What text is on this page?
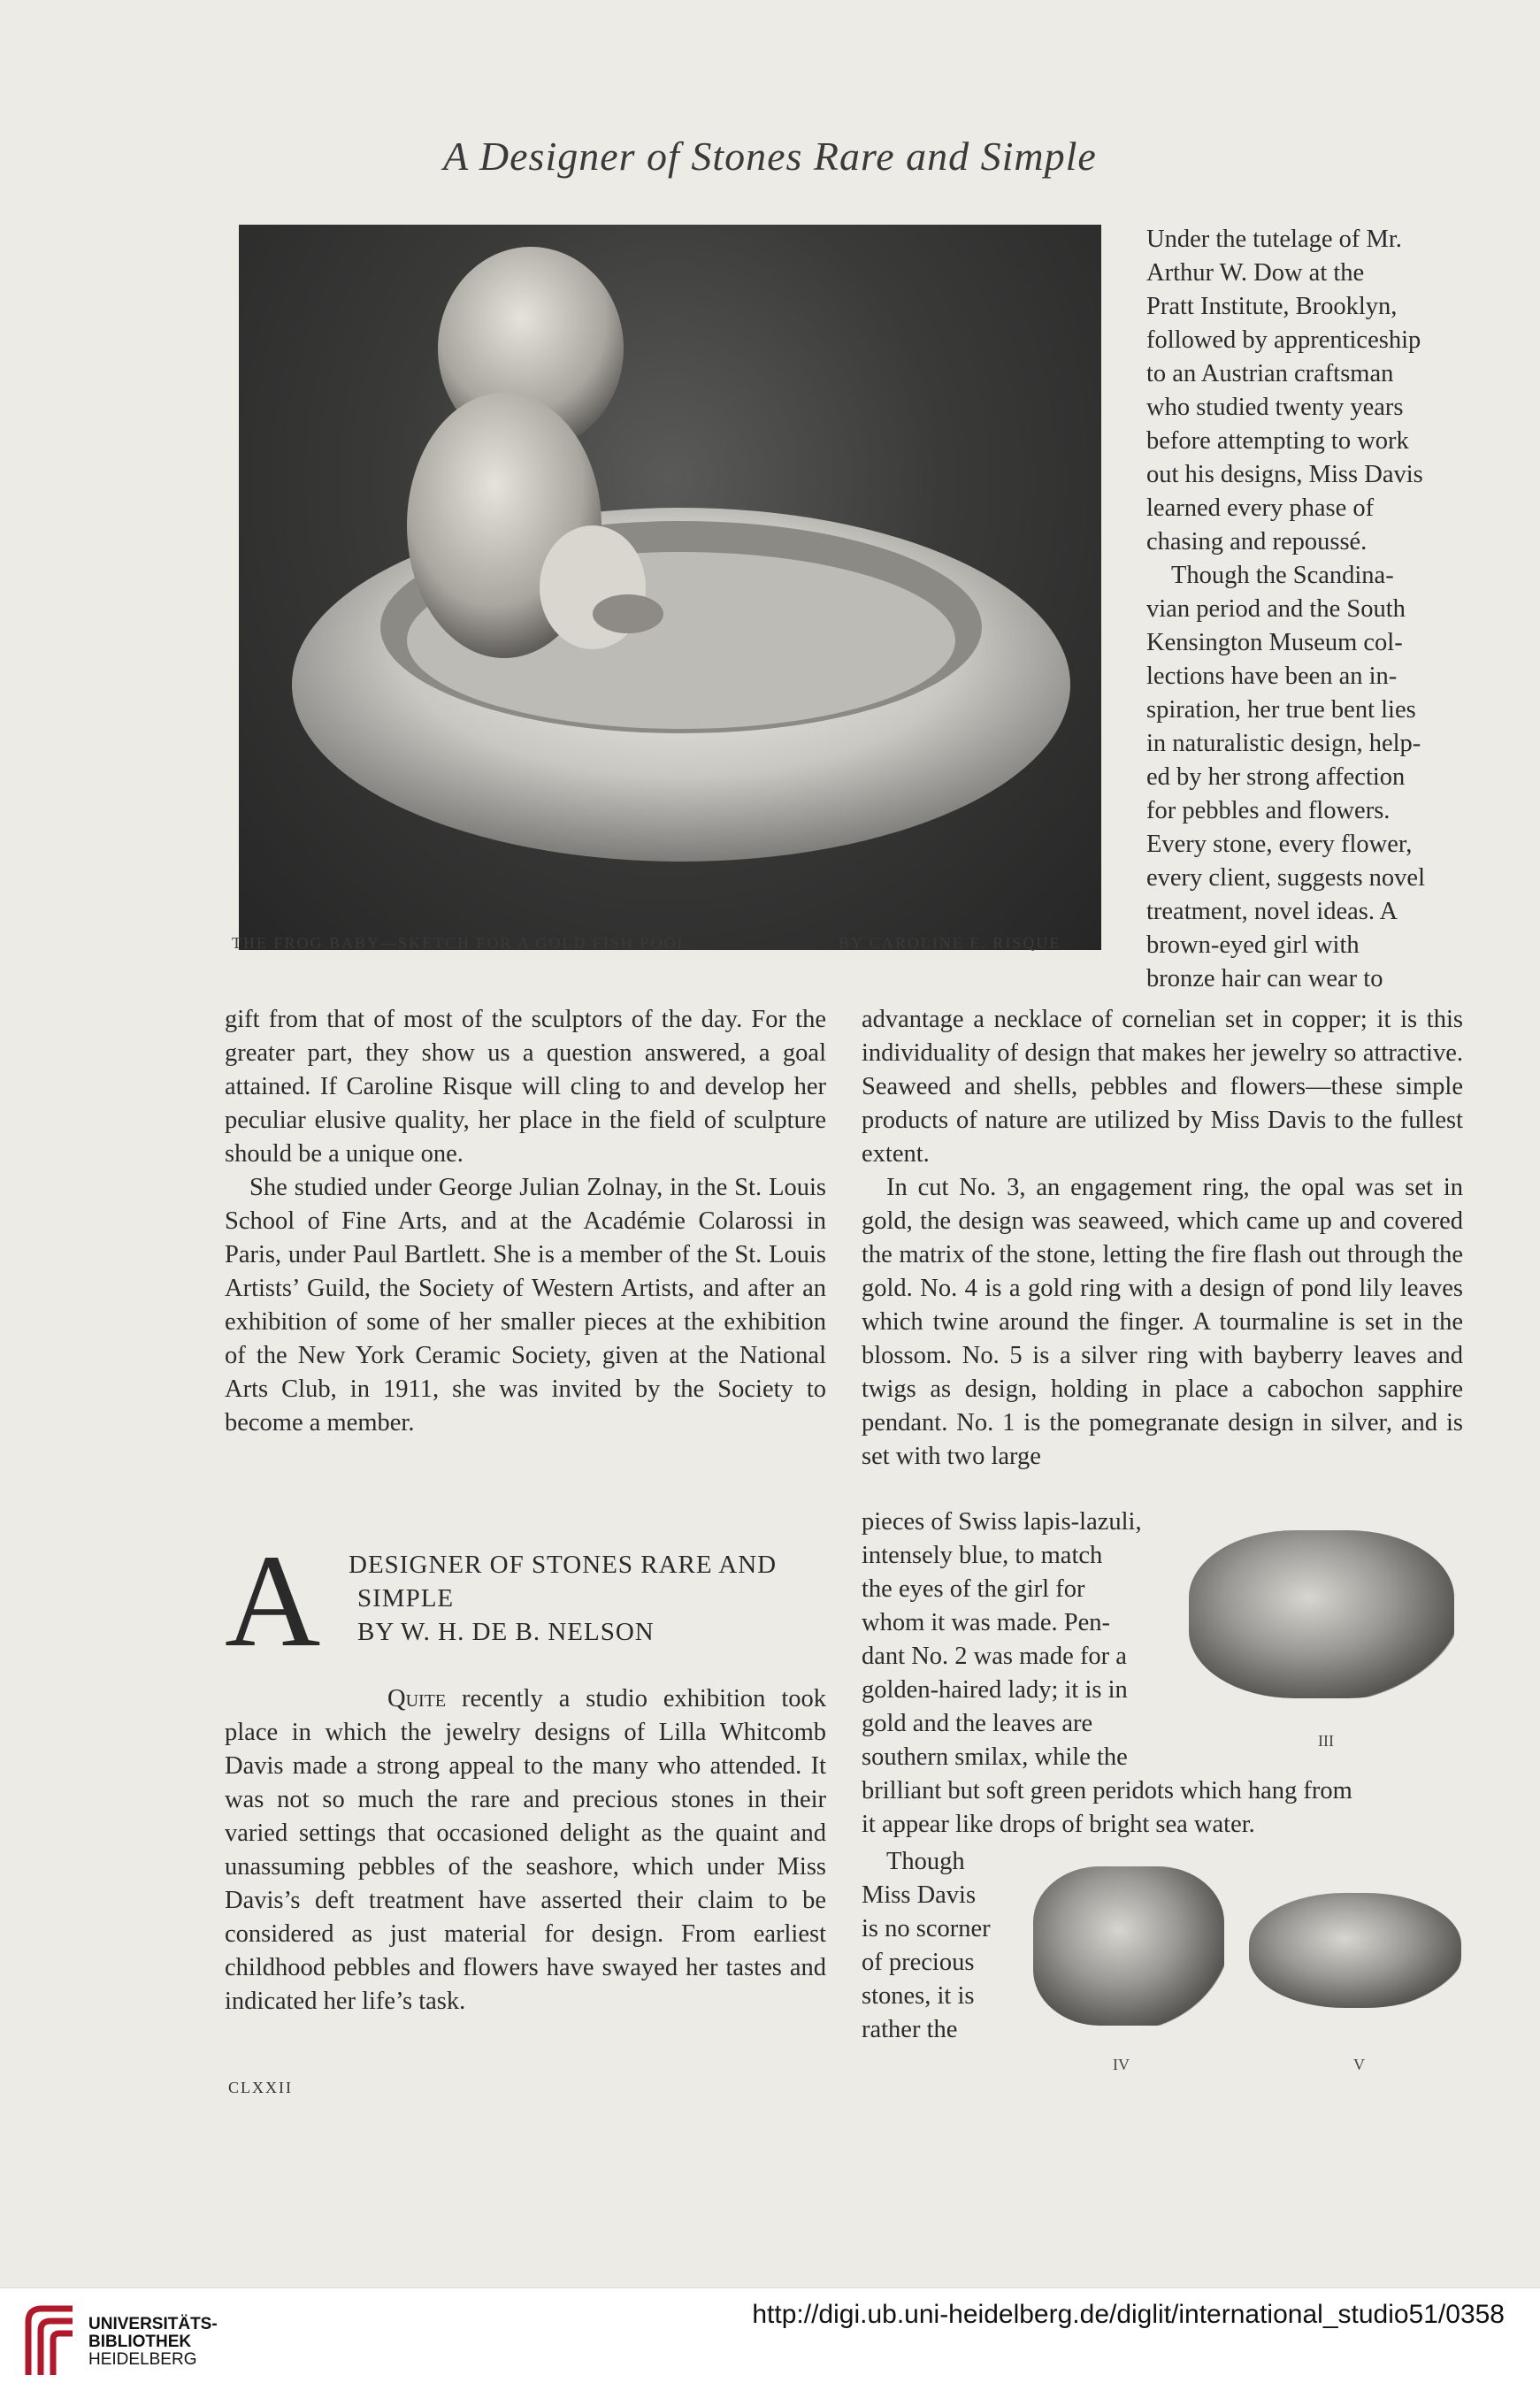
A Designer of Stones Rare and Simple
THE FROG BABY—SKETCH FOR A GOLD FISH POOL	BY CAROLINE E. RISQUE
Under the tutelage of Mr.
Arthur W. Dow at the
Pratt Institute, Brooklyn,
followed by apprenticeship
to an Austrian craftsman
who studied twenty years
before attempting to work
out his designs, Miss Davis
learned every phase of
chasing and repoussé.
Though the Scandina-
vian period and the South
Kensington Museum col-
lections have been an in-
spiration, her true bent lies
in naturalistic design, help-
ed by her strong affection
for pebbles and flowers.
Every stone, every flower,
every client, suggests novel
treatment, novel ideas. A
brown-eyed girl with
bronze hair can wear to

gift from that of most of the sculptors of the day. For the greater part, they show us a question answered, a goal attained. If Caroline Risque will cling to and develop her peculiar elusive quality, her place in the field of sculpture should be a unique one.

She studied under George Julian Zolnay, in the St. Louis School of Fine Arts, and at the Académie Colarossi in Paris, under Paul Bartlett. She is a member of the St. Louis Artists’ Guild, the Society of Western Artists, and after an exhibition of some of her smaller pieces at the exhibition of the New York Ceramic Society, given at the National Arts Club, in 1911, she was invited by the Society to become a member.

A DESIGNER OF STONES RARE AND
SIMPLE
BY W. H. DE B. NELSON

Quite recently a studio exhibition took place in which the jewelry designs of Lilla Whitcomb Davis made a strong appeal to the many who attended. It was not so much the rare and precious stones in their varied settings that occasioned delight as the quaint and unassuming pebbles of the seashore, which under Miss Davis’s deft treatment have asserted their claim to be considered as just material for design. From earliest childhood pebbles and flowers have swayed her tastes and indicated her life’s task.

advantage a necklace of cornelian set in copper; it is this individuality of design that makes her jewelry so attractive. Seaweed and shells, pebbles and flowers—these simple products of nature are utilized by Miss Davis to the fullest extent.

In cut No. 3, an engagement ring, the opal was set in gold, the design was seaweed, which came up and covered the matrix of the stone, letting the fire flash out through the gold. No. 4 is a gold ring with a design of pond lily leaves which twine around the finger. A tourmaline is set in the blossom. No. 5 is a silver ring with bayberry leaves and twigs as design, holding in place a cabochon sapphire pendant. No. 1 is the pomegranate design in silver, and is set with two large

pieces of Swiss lapis-lazuli,
intensely blue, to match
the eyes of the girl for
whom it was made. Pen-
dant No. 2 was made for a
golden-haired lady; it is in
gold and the leaves are
southern smilax, while the
III
brilliant but soft green peridots which hang from
it appear like drops of bright sea water.
Though
Miss Davis
is no scorner
of precious
stones, it is
rather the
IV	V
CLXXII
UNIVERSITÄTS-
BIBLIOTHEK
HEIDELBERG
http://digi.ub.uni-heidelberg.de/diglit/international_studio51/0358
